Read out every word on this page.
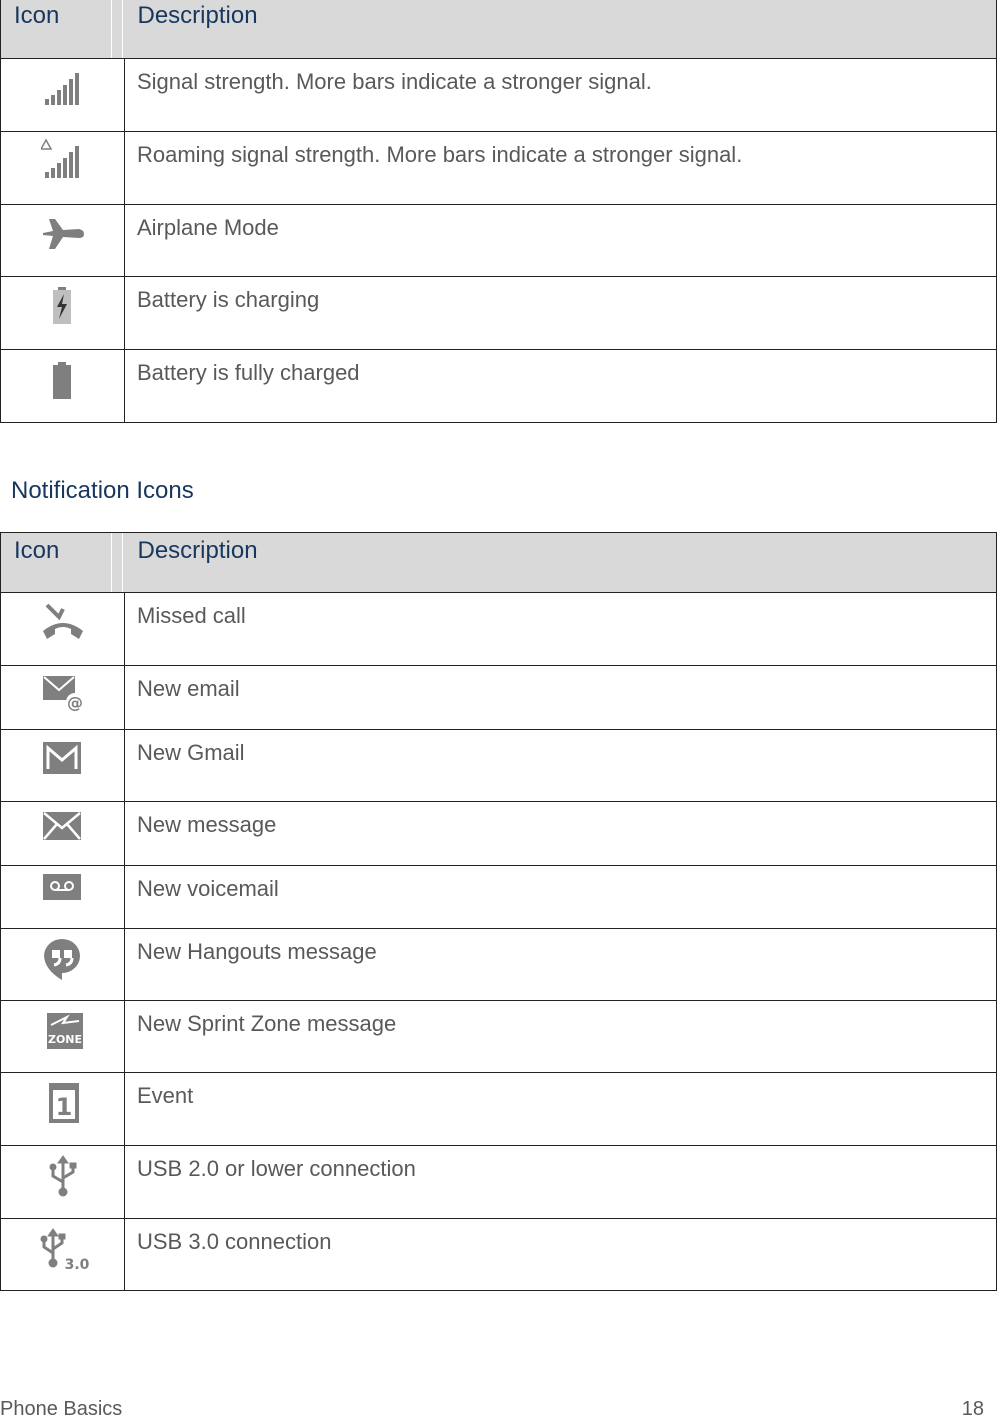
Icon	Description

	Signal strength. More bars indicate a stronger signal.

	Roaming signal strength. More bars indicate a stronger signal.

	Airplane Mode

	Battery is charging

	Battery is fully charged
Notification Icons
Icon	Description

	Missed call

@	New email

	New Gmail

	New message

	New voicemail

	New Hangouts message

ZONE	New Sprint Zone message

1	Event

	USB 2.0 or lower connection

3.0	USB 3.0 connection
Phone Basics	18
